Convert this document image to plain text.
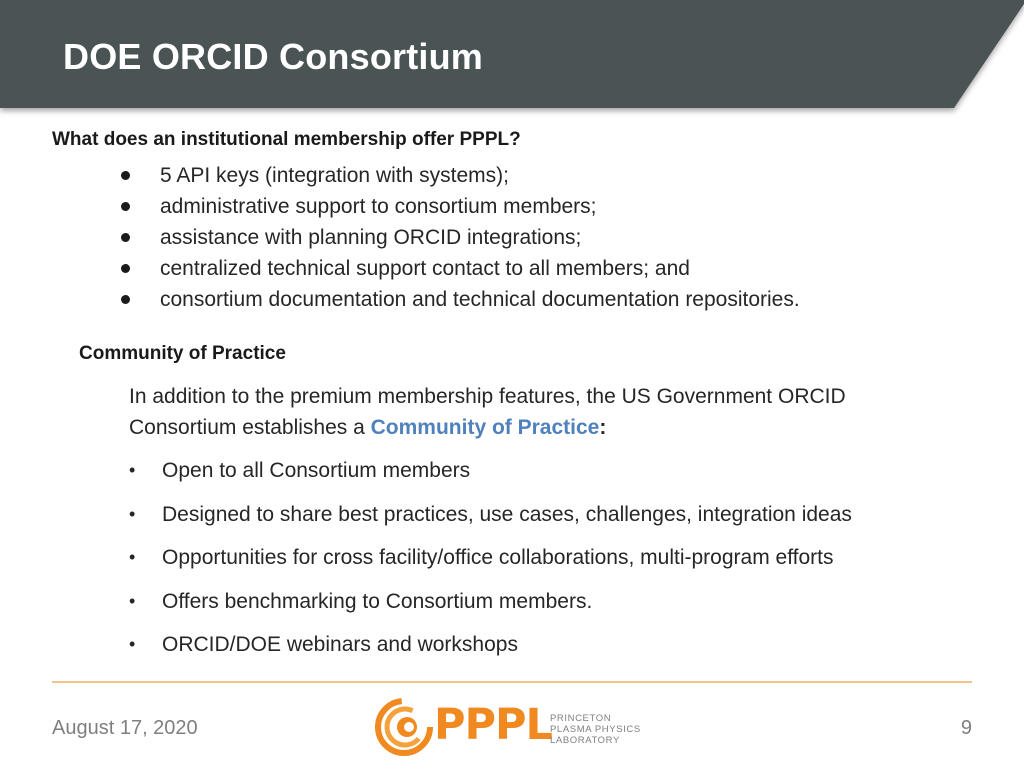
DOE ORCID Consortium
What does an institutional membership offer PPPL?
5 API keys (integration with systems);
administrative support to consortium members;
assistance with planning ORCID integrations;
centralized technical support contact to all members; and
consortium documentation and technical documentation repositories.
Community of Practice
In addition to the premium membership features, the US Government ORCID Consortium establishes a Community of Practice:
• Open to all Consortium members
• Designed to share best practices, use cases, challenges, integration ideas
• Opportunities for cross facility/office collaborations, multi-program efforts
• Offers benchmarking to Consortium members.
• ORCID/DOE webinars and workshops
August 17, 2020	PPPL
PRINCETON
PLASMA PHYSICS
LABORATORY
9
